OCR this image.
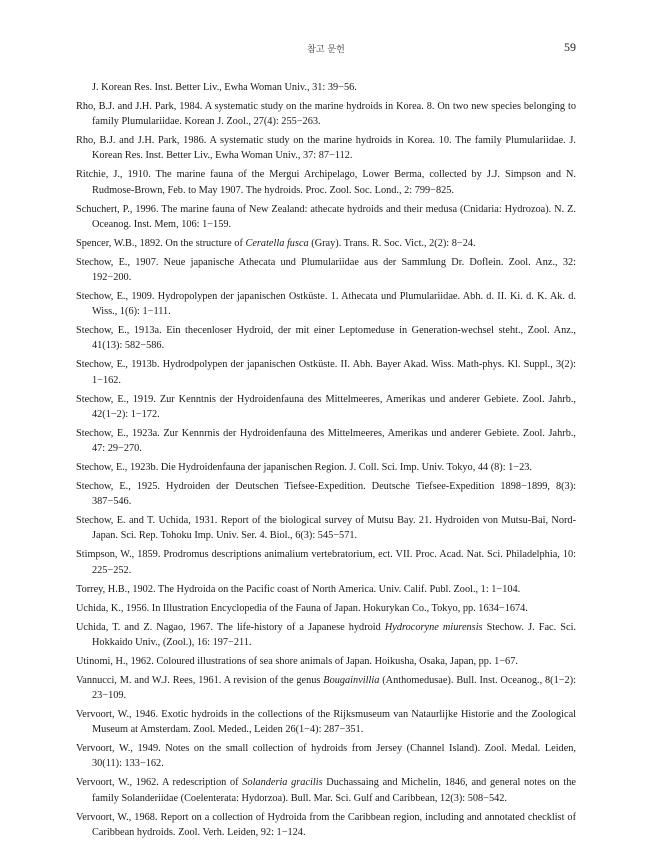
참고 문헌	59
J. Korean Res. Inst. Better Liv., Ewha Woman Univ., 31: 39−56.
Rho, B.J. and J.H. Park, 1984. A systematic study on the marine hydroids in Korea. 8. On two new species belonging to family Plumulariidae. Korean J. Zool., 27(4): 255−263.
Rho, B.J. and J.H. Park, 1986. A systematic study on the marine hydroids in Korea. 10. The family Plumulariidae. J. Korean Res. Inst. Better Liv., Ewha Woman Univ., 37: 87−112.
Ritchie, J., 1910. The marine fauna of the Mergui Archipelago, Lower Berma, collected by J.J. Simpson and N. Rudmose-Brown, Feb. to May 1907. The hydroids. Proc. Zool. Soc. Lond., 2: 799−825.
Schuchert, P., 1996. The marine fauna of New Zealand: athecate hydroids and their medusa (Cnidaria: Hydrozoa). N. Z. Oceanog. Inst. Mem, 106: 1−159.
Spencer, W.B., 1892. On the structure of Ceratella fusca (Gray). Trans. R. Soc. Vict., 2(2): 8−24.
Stechow, E., 1907. Neue japanische Athecata und Plumulariidae aus der Sammlung Dr. Doflein. Zool. Anz., 32: 192−200.
Stechow, E., 1909. Hydropolypen der japanischen Ostküste. 1. Athecata und Plumulariidae. Abh. d. II. Ki. d. K. Ak. d. Wiss., 1(6): 1−111.
Stechow, E., 1913a. Ein thecenloser Hydroid, der mit einer Leptomeduse in Generation-wechsel steht., Zool. Anz., 41(13): 582−586.
Stechow, E., 1913b. Hydrodpolypen der japanischen Ostküste. II. Abh. Bayer Akad. Wiss. Math-phys. Kl. Suppl., 3(2): 1−162.
Stechow, E., 1919. Zur Kenntnis der Hydroidenfauna des Mittelmeeres, Amerikas und anderer Gebiete. Zool. Jahrb., 42(1−2): 1−172.
Stechow, E., 1923a. Zur Kennrnis der Hydroidenfauna des Mittelmeeres, Amerikas und anderer Gebiete. Zool. Jahrb., 47: 29−270.
Stechow, E., 1923b. Die Hydroidenfauna der japanischen Region. J. Coll. Sci. Imp. Univ. Tokyo, 44 (8): 1−23.
Stechow, E., 1925. Hydroiden der Deutschen Tiefsee-Expedition. Deutsche Tiefsee-Expedition 1898−1899, 8(3): 387−546.
Stechow, E. and T. Uchida, 1931. Report of the biological survey of Mutsu Bay. 21. Hydroiden von Mutsu-Bai, Nord-Japan. Sci. Rep. Tohoku Imp. Univ. Ser. 4. Biol., 6(3): 545−571.
Stimpson, W., 1859. Prodromus descriptions animalium vertebratorium, ect. VII. Proc. Acad. Nat. Sci. Philadelphia, 10: 225−252.
Torrey, H.B., 1902. The Hydroida on the Pacific coast of North America. Univ. Calif. Publ. Zool., 1: 1−104.
Uchida, K., 1956. In Illustration Encyclopedia of the Fauna of Japan. Hokurykan Co., Tokyo, pp. 1634−1674.
Uchida, T. and Z. Nagao, 1967. The life-history of a Japanese hydroid Hydrocoryne miurensis Stechow. J. Fac. Sci. Hokkaido Univ., (Zool.), 16: 197−211.
Utinomi, H., 1962. Coloured illustrations of sea shore animals of Japan. Hoikusha, Osaka, Japan, pp. 1−67.
Vannucci, M. and W.J. Rees, 1961. A revision of the genus Bougainvillia (Anthomedusae). Bull. Inst. Oceanog., 8(1−2): 23−109.
Vervoort, W., 1946. Exotic hydroids in the collections of the Rijksmuseum van Nataurlijke Historie and the Zoological Museum at Amsterdam. Zool. Meded., Leiden 26(1−4): 287−351.
Vervoort, W., 1949. Notes on the small collection of hydroids from Jersey (Channel Island). Zool. Medal. Leiden, 30(11): 133−162.
Vervoort, W., 1962. A redescription of Solanderia gracilis Duchassaing and Michelin, 1846, and general notes on the family Solanderiidae (Coelenterata: Hydorzoa). Bull. Mar. Sci. Gulf and Caribbean, 12(3): 508−542.
Vervoort, W., 1968. Report on a collection of Hydroida from the Caribbean region, including and annotated checklist of Caribbean hydroids. Zool. Verh. Leiden, 92: 1−124.
